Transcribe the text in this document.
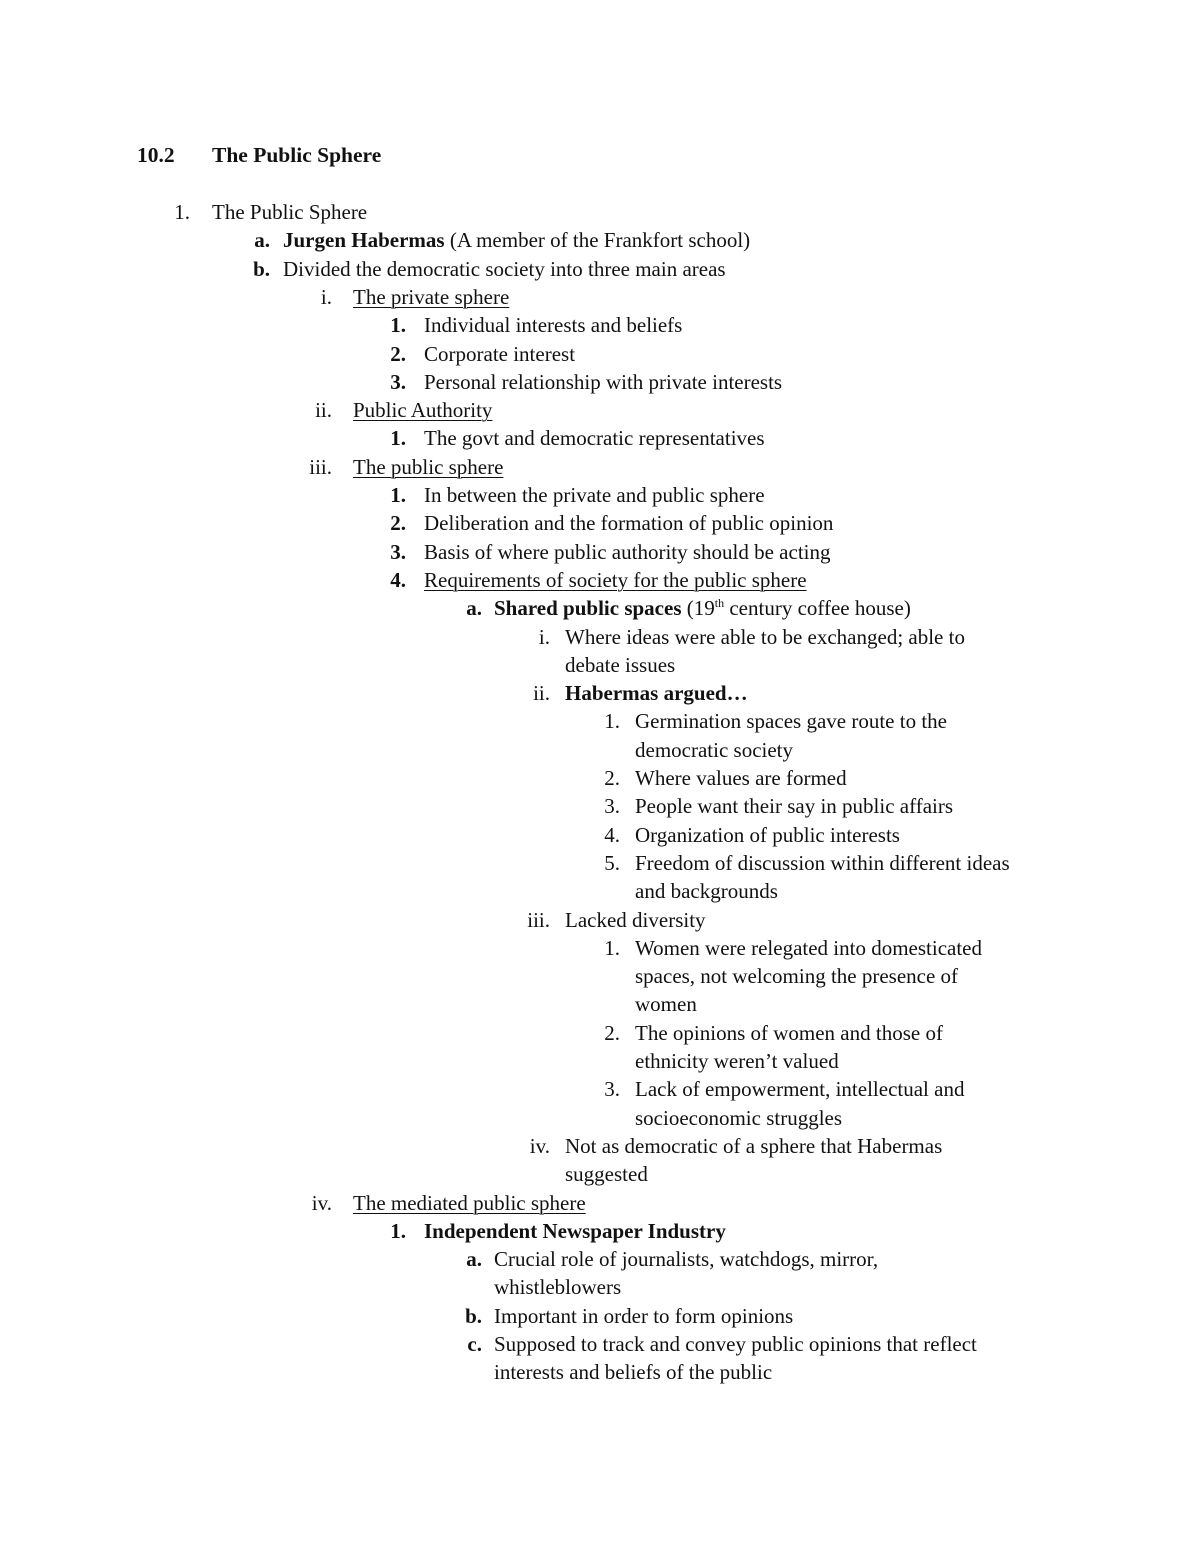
10.2 The Public Sphere
1. The Public Sphere
a. Jurgen Habermas (A member of the Frankfort school)
b. Divided the democratic society into three main areas
i. The private sphere
1. Individual interests and beliefs
2. Corporate interest
3. Personal relationship with private interests
ii. Public Authority
1. The govt and democratic representatives
iii. The public sphere
1. In between the private and public sphere
2. Deliberation and the formation of public opinion
3. Basis of where public authority should be acting
4. Requirements of society for the public sphere
a. Shared public spaces (19th century coffee house)
i. Where ideas were able to be exchanged; able to
debate issues
ii. Habermas argued…
1. Germination spaces gave route to the
democratic society
2. Where values are formed
3. People want their say in public affairs
4. Organization of public interests
5. Freedom of discussion within different ideas
and backgrounds
iii. Lacked diversity
1. Women were relegated into domesticated
spaces, not welcoming the presence of
women
2. The opinions of women and those of
ethnicity weren’t valued
3. Lack of empowerment, intellectual and
socioeconomic struggles
iv. Not as democratic of a sphere that Habermas
suggested
iv. The mediated public sphere
1. Independent Newspaper Industry
a. Crucial role of journalists, watchdogs, mirror,
whistleblowers
b. Important in order to form opinions
c. Supposed to track and convey public opinions that reflect
interests and beliefs of the public
